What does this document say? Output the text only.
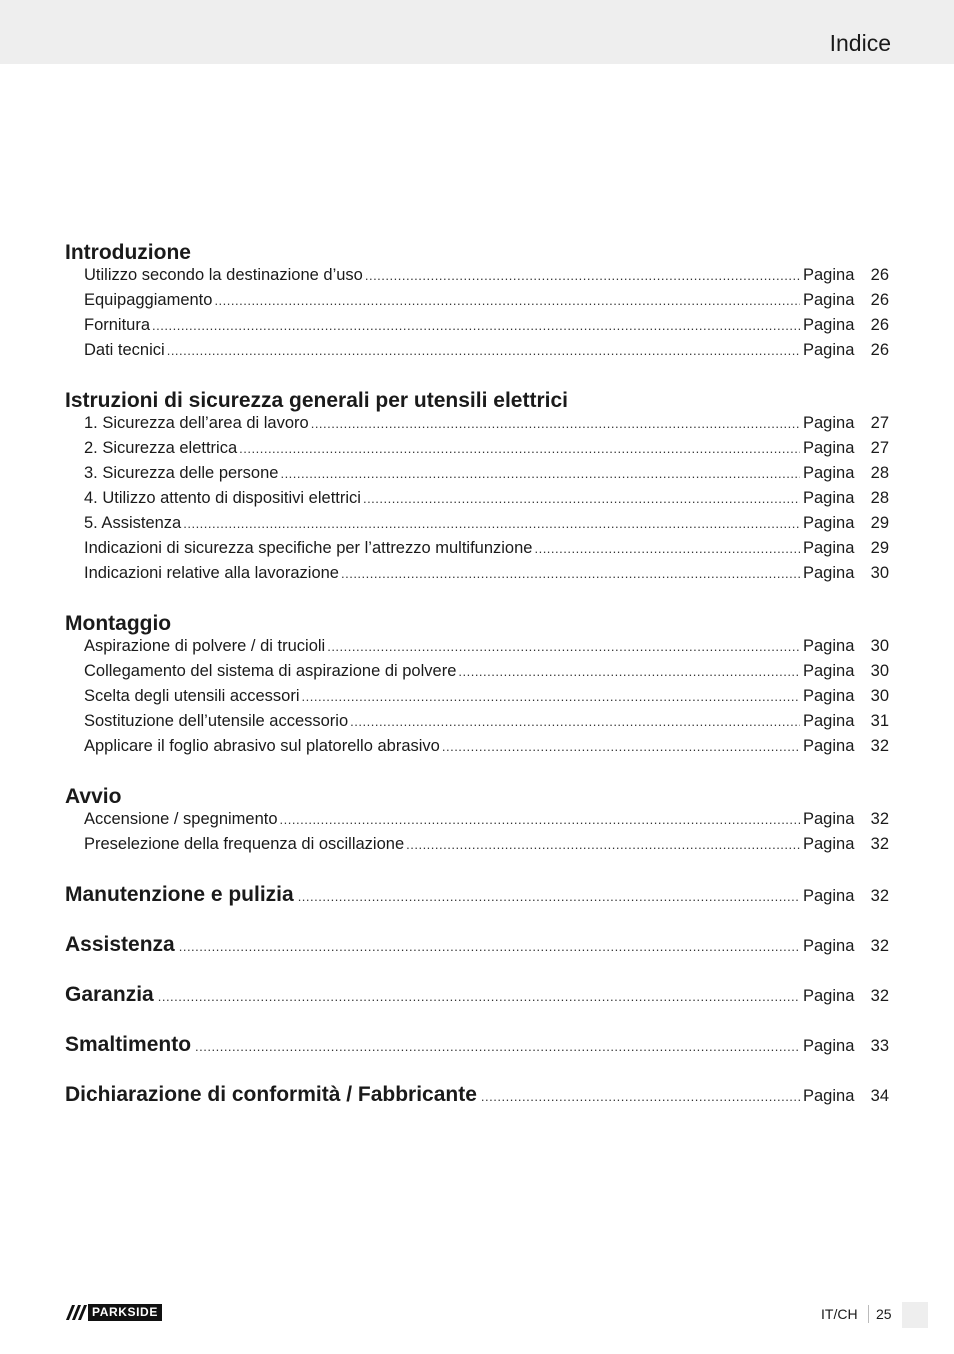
Indice
Introduzione
Utilizzo secondo la destinazione d’uso .....	Pagina 26
Equipaggiamento .....	Pagina 26
Fornitura .....	Pagina 26
Dati tecnici .....	Pagina 26
Istruzioni di sicurezza generali per utensili elettrici
1. Sicurezza dell’area di lavoro .....	Pagina 27
2. Sicurezza elettrica .....	Pagina 27
3. Sicurezza delle persone .....	Pagina 28
4. Utilizzo attento di dispositivi elettrici .....	Pagina 28
5. Assistenza .....	Pagina 29
Indicazioni di sicurezza specifiche per l’attrezzo multifunzione .....	Pagina 29
Indicazioni relative alla lavorazione .....	Pagina 30
Montaggio
Aspirazione di polvere / di trucioli .....	Pagina 30
Collegamento del sistema di aspirazione di polvere .....	Pagina 30
Scelta degli utensili accessori .....	Pagina 30
Sostituzione dell’utensile accessorio .....	Pagina 31
Applicare il foglio abrasivo sul platorello abrasivo .....	Pagina 32
Avvio
Accensione / spegnimento .....	Pagina 32
Preselezione della frequenza di oscillazione .....	Pagina 32
Manutenzione e pulizia .....	Pagina 32
Assistenza .....	Pagina 32
Garanzia .....	Pagina 32
Smaltimento .....	Pagina 33
Dichiarazione di conformità / Fabbricante .....	Pagina 34
PARKSIDE	IT/CH 25
